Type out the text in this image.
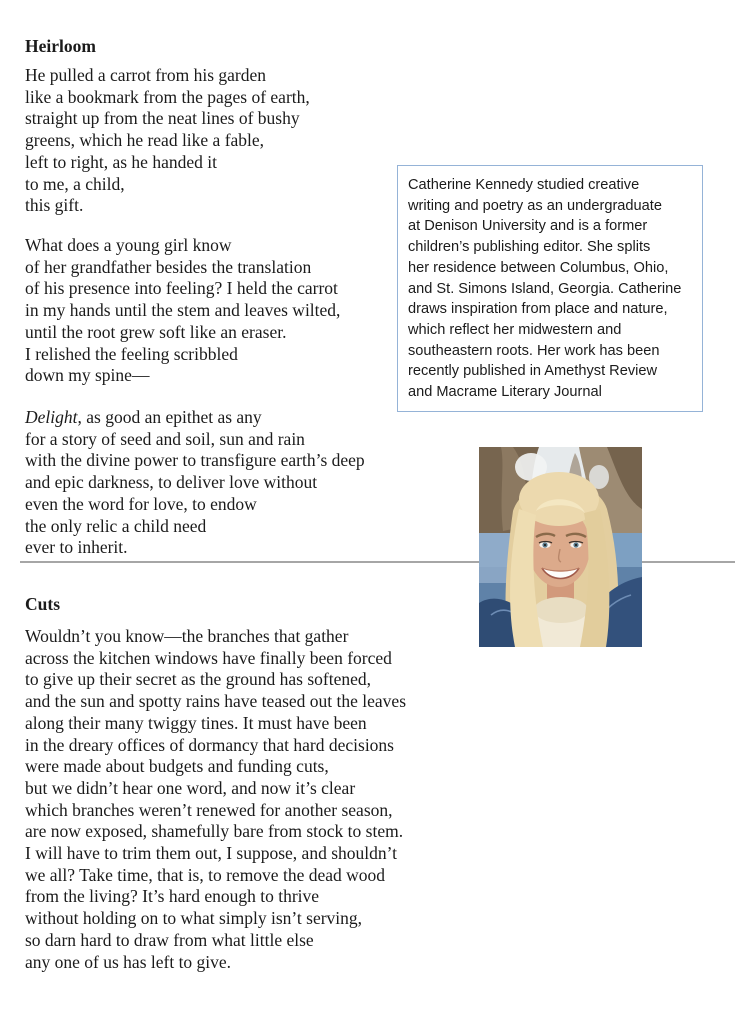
Heirloom
He pulled a carrot from his garden
like a bookmark from the pages of earth,
straight up from the neat lines of bushy
greens, which he read like a fable,
left to right, as he handed it
to me, a child,
this gift.
What does a young girl know
of her grandfather besides the translation
of his presence into feeling? I held the carrot
in my hands until the stem and leaves wilted,
until the root grew soft like an eraser.
I relished the feeling scribbled
down my spine—
Delight, as good an epithet as any
for a story of seed and soil, sun and rain
with the divine power to transfigure earth’s deep
and epic darkness, to deliver love without
even the word for love, to endow
the only relic a child need
ever to inherit.
Catherine Kennedy studied creative
writing and poetry as an undergraduate
at Denison University and is a former
children’s publishing editor. She splits
her residence between Columbus, Ohio,
and St. Simons Island, Georgia. Catherine
draws inspiration from place and nature,
which reflect her midwestern and
southeastern roots. Her work has been
recently published in Amethyst Review
and Macrame Literary Journal
Cuts
Wouldn’t you know—the branches that gather
across the kitchen windows have finally been forced
to give up their secret as the ground has softened,
and the sun and spotty rains have teased out the leaves
along their many twiggy tines. It must have been
in the dreary offices of dormancy that hard decisions
were made about budgets and funding cuts,
but we didn’t hear one word, and now it’s clear
which branches weren’t renewed for another season,
are now exposed, shamefully bare from stock to stem.
I will have to trim them out, I suppose, and shouldn’t
we all? Take time, that is, to remove the dead wood
from the living? It’s hard enough to thrive
without holding on to what simply isn’t serving,
so darn hard to draw from what little else
any one of us has left to give.
